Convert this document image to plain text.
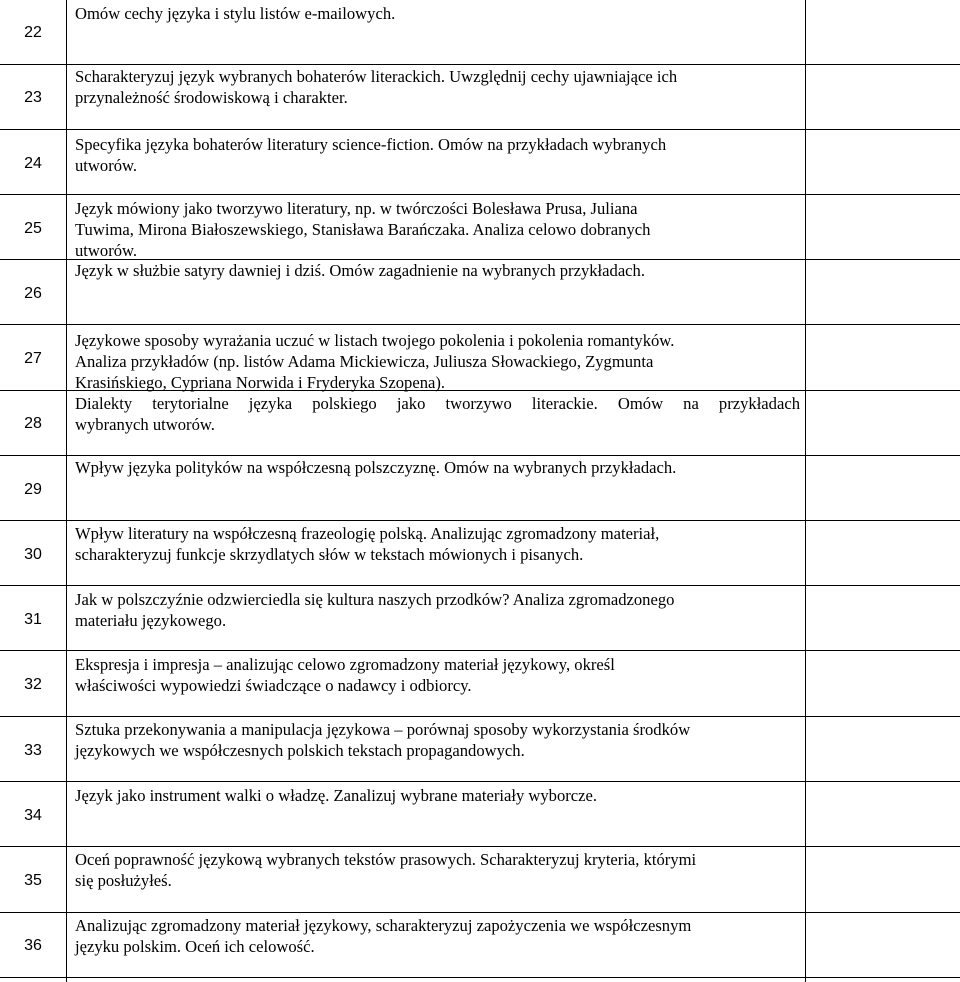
22
23
24
25
26
27
28
29
30
31
32
33
34
35
36
Omów cechy języka i stylu listów e-mailowych.
Scharakteryzuj język wybranych bohaterów literackich. Uwzględnij cechy ujawniające ich
przynależność środowiskową i charakter.
Specyfika języka bohaterów literatury science-fiction. Omów na przykładach wybranych
utworów.
Język mówiony jako tworzywo literatury, np. w twórczości Bolesława Prusa, Juliana
Tuwima, Mirona Białoszewskiego, Stanisława Barańczaka. Analiza celowo dobranych
utworów.
Język w służbie satyry dawniej i dziś. Omów zagadnienie na wybranych przykładach.
Językowe sposoby wyrażania uczuć w listach twojego pokolenia i pokolenia romantyków.
Analiza przykładów (np. listów Adama Mickiewicza, Juliusza Słowackiego, Zygmunta
Krasińskiego, Cypriana Norwida i Fryderyka Szopena).
Dialekty terytorialne języka polskiego jako tworzywo literackie. Omów na przykładach
wybranych utworów.
Wpływ języka polityków na współczesną polszczyznę. Omów na wybranych przykładach.
Wpływ literatury na współczesną frazeologię polską. Analizując zgromadzony materiał,
scharakteryzuj funkcje skrzydlatych słów w tekstach mówionych i pisanych.
Jak w polszczyźnie odzwierciedla się kultura naszych przodków? Analiza zgromadzonego
materiału językowego.
Ekspresja i impresja – analizując celowo zgromadzony materiał językowy, określ
właściwości wypowiedzi świadczące o nadawcy i odbiorcy.
Sztuka przekonywania a manipulacja językowa – porównaj sposoby wykorzystania środków
językowych we współczesnych polskich tekstach propagandowych.
Język jako instrument walki o władzę. Zanalizuj wybrane materiały wyborcze.
Oceń poprawność językową wybranych tekstów prasowych. Scharakteryzuj kryteria, którymi
się posłużyłeś.
Analizując zgromadzony materiał językowy, scharakteryzuj zapożyczenia we współczesnym
języku polskim. Oceń ich celowość.
